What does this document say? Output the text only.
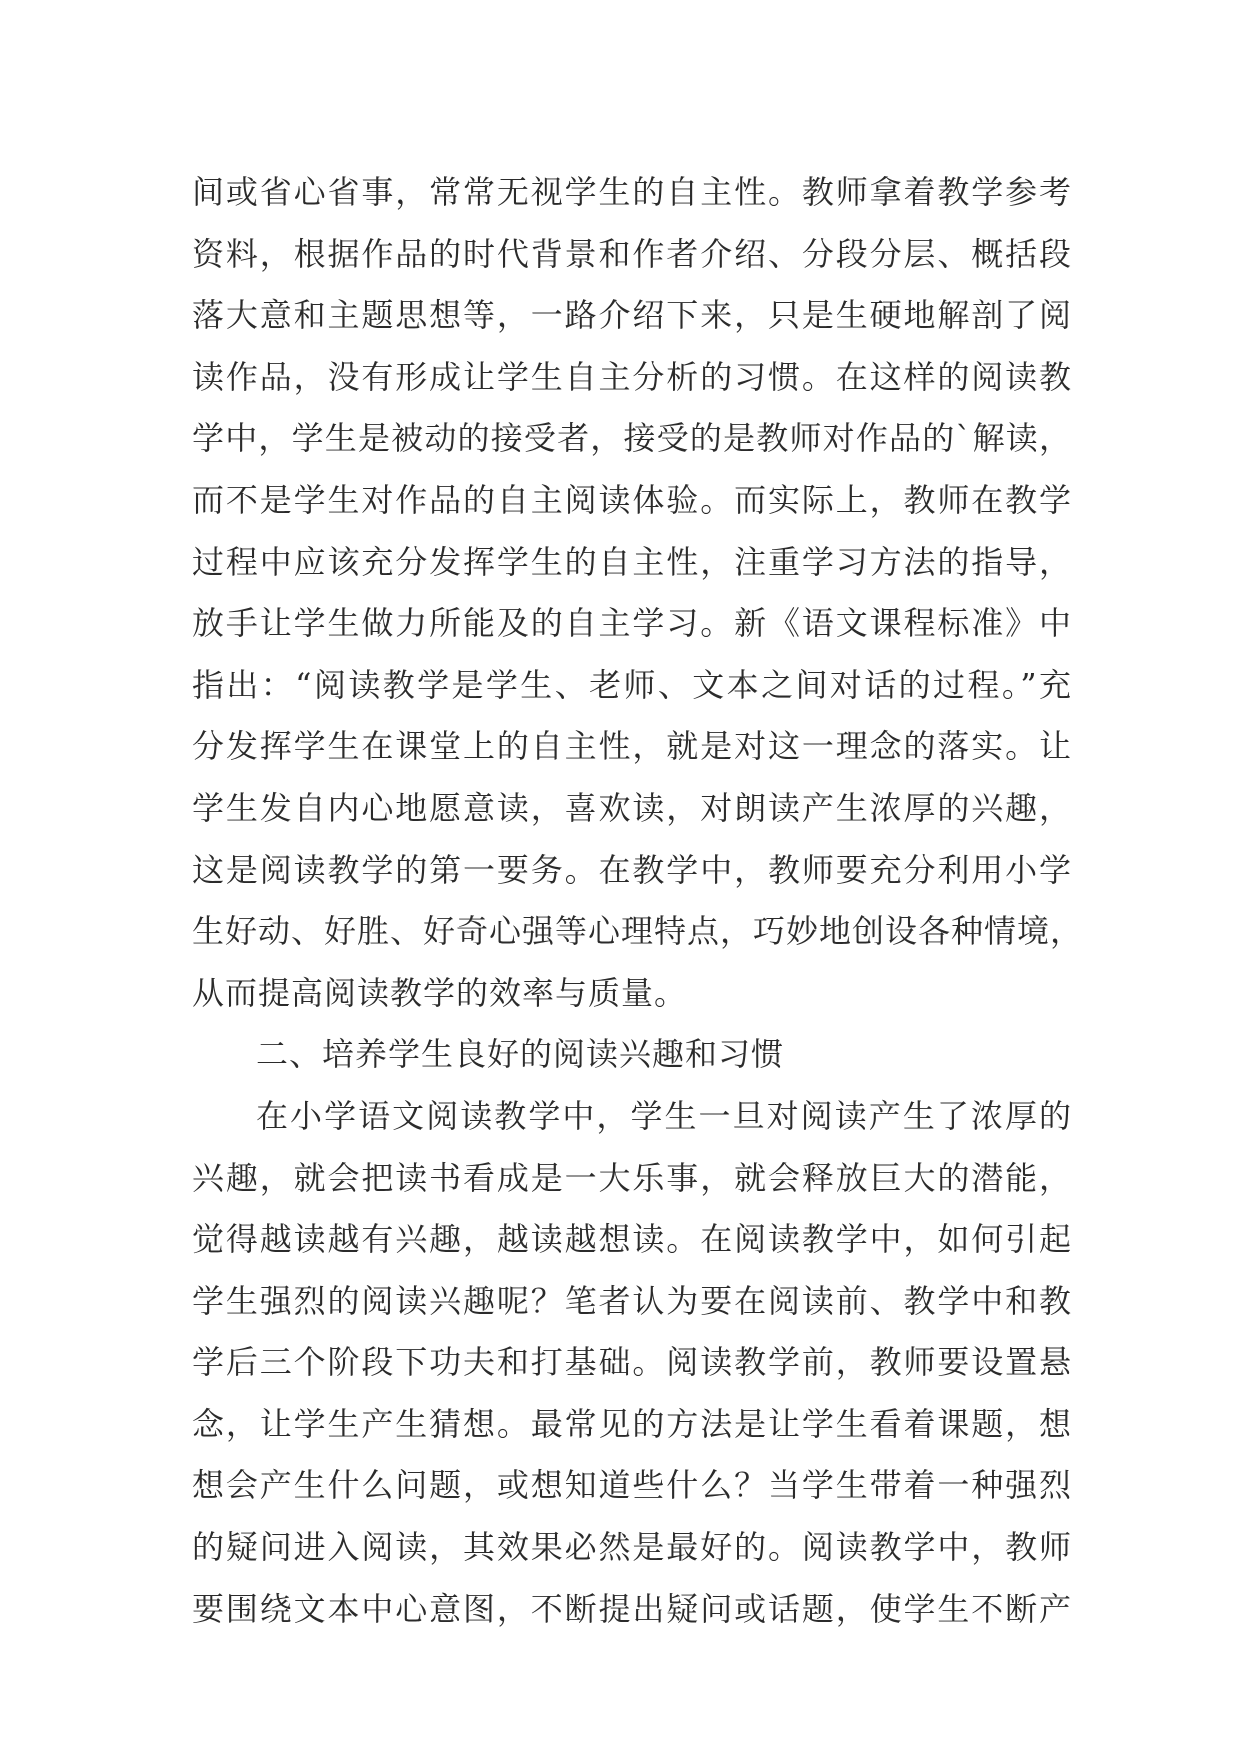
间或省心省事，常常无视学生的自主性。教师拿着教学参考
资料，根据作品的时代背景和作者介绍、分段分层、概括段
落大意和主题思想等，一路介绍下来，只是生硬地解剖了阅
读作品，没有形成让学生自主分析的习惯。在这样的阅读教
学中，学生是被动的接受者，接受的是教师对作品的`解读，
而不是学生对作品的自主阅读体验。而实际上，教师在教学
过程中应该充分发挥学生的自主性，注重学习方法的指导，
放手让学生做力所能及的自主学习。新《语文课程标准》中
指出：“阅读教学是学生、老师、文本之间对话的过程。”充
分发挥学生在课堂上的自主性，就是对这一理念的落实。让
学生发自内心地愿意读，喜欢读，对朗读产生浓厚的兴趣，
这是阅读教学的第一要务。在教学中，教师要充分利用小学
生好动、好胜、好奇心强等心理特点，巧妙地创设各种情境，
从而提高阅读教学的效率与质量。
二、培养学生良好的阅读兴趣和习惯
在小学语文阅读教学中，学生一旦对阅读产生了浓厚的
兴趣，就会把读书看成是一大乐事，就会释放巨大的潜能，
觉得越读越有兴趣，越读越想读。在阅读教学中，如何引起
学生强烈的阅读兴趣呢？笔者认为要在阅读前、教学中和教
学后三个阶段下功夫和打基础。阅读教学前，教师要设置悬
念，让学生产生猜想。最常见的方法是让学生看着课题，想
想会产生什么问题，或想知道些什么？当学生带着一种强烈
的疑问进入阅读，其效果必然是最好的。阅读教学中，教师
要围绕文本中心意图，不断提出疑问或话题，使学生不断产
